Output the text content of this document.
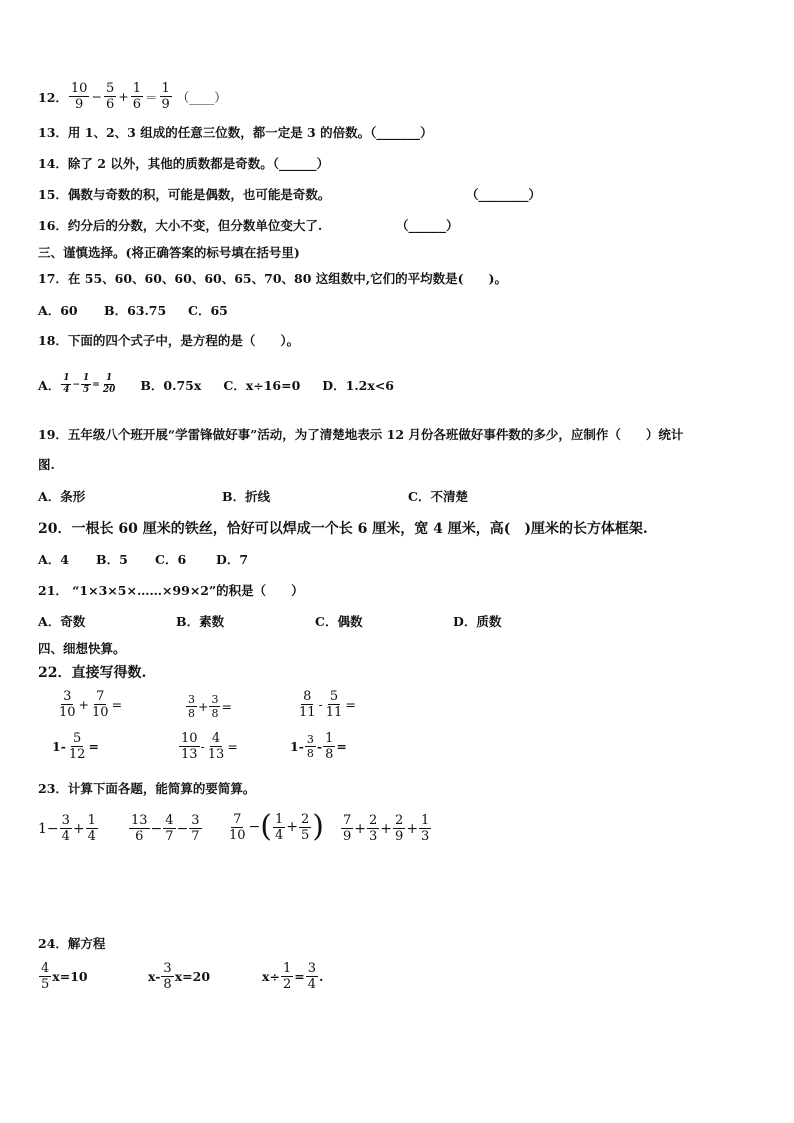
12． $\frac{10}{9} - \frac{5}{6} + \frac{1}{6} = \frac{1}{9}$ （____）
13．用 1、2、3 组成的任意三位数，都一定是 3 的倍数。（_______）
14．除了 2 以外，其他的质数都是奇数。（______）
15．偶数与奇数的积，可能是偶数，也可能是奇数。	（________）
16．约分后的分数，大小不变，但分数单位变大了.	（______）
三、谨慎选择。(将正确答案的标号填在括号里)
17．在 55、60、60、60、60、65、70、80 这组数中,它们的平均数是(　　)。
A．60 B．63.75 C．65
18．下面的四个式子中，是方程的是（　　）。
A． $\frac{1}{4} - \frac{1}{5} = \frac{1}{20}$ B．0.75x C．x÷16=0 D．1.2x<6
19．五年级八个班开展“学雷锋做好事”活动，为了清楚地表示 12 月份各班做好事件数的多少，应制作（　　）统计
图.
A．条形	B．折线	C．不清楚
20．一根长 60 厘米的铁丝，恰好可以焊成一个长 6 厘米，宽 4 厘米，高(　)厘米的长方体框架.
A．4 B．5 C．6 D．7
21． “1×3×5×……×99×2”的积是（　　）
A．奇数	B．素数	C．偶数	D．质数
四、细想快算。
22．直接写得数.
$\frac{3}{10} + \frac{7}{10}$ =	$\frac{3}{8} + \frac{3}{8}$ =	$\frac{8}{11} - \frac{5}{11}$ =
$1- \frac{5}{12}$ =	$\frac{10}{13} - \frac{4}{13}$ =	$1- \frac{3}{8} - \frac{1}{8}$ =
23．计算下面各题，能简算的要简算。
$1- \frac{3}{4} + \frac{1}{4} \frac{13}{6} - \frac{4}{7} - \frac{3}{7} \frac{7}{10}$ − ( $\frac{1}{4} + \frac{2}{5}$ ) $\frac{7}{9} + \frac{2}{3} + \frac{2}{9} + \frac{1}{3}$
24．解方程
$\frac{4}{5} x=10$	$x- \frac{3}{8} x=20$	$x\div \frac{1}{2} = \frac{3}{4}$ .
